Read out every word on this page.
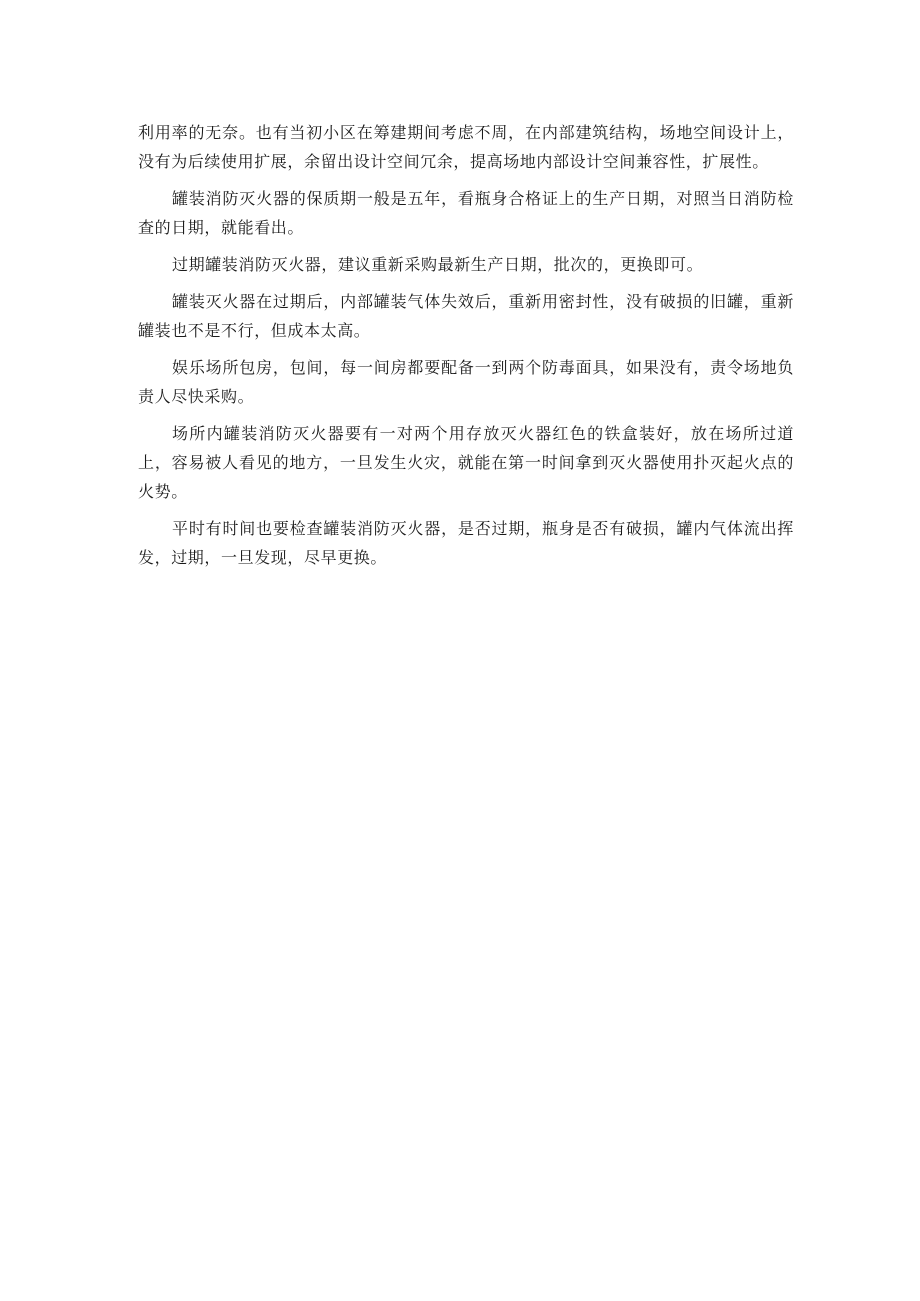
利用率的无奈。也有当初小区在筹建期间考虑不周，在内部建筑结构，场地空间设计上，没有为后续使用扩展，余留出设计空间冗余，提高场地内部设计空间兼容性，扩展性。

罐装消防灭火器的保质期一般是五年，看瓶身合格证上的生产日期，对照当日消防检查的日期，就能看出。

过期罐装消防灭火器，建议重新采购最新生产日期，批次的，更换即可。

罐装灭火器在过期后，内部罐装气体失效后，重新用密封性，没有破损的旧罐，重新罐装也不是不行，但成本太高。

娱乐场所包房，包间，每一间房都要配备一到两个防毒面具，如果没有，责令场地负责人尽快采购。

场所内罐装消防灭火器要有一对两个用存放灭火器红色的铁盒装好，放在场所过道上，容易被人看见的地方，一旦发生火灾，就能在第一时间拿到灭火器使用扑灭起火点的火势。

平时有时间也要检查罐装消防灭火器，是否过期，瓶身是否有破损，罐内气体流出挥发，过期，一旦发现，尽早更换。
